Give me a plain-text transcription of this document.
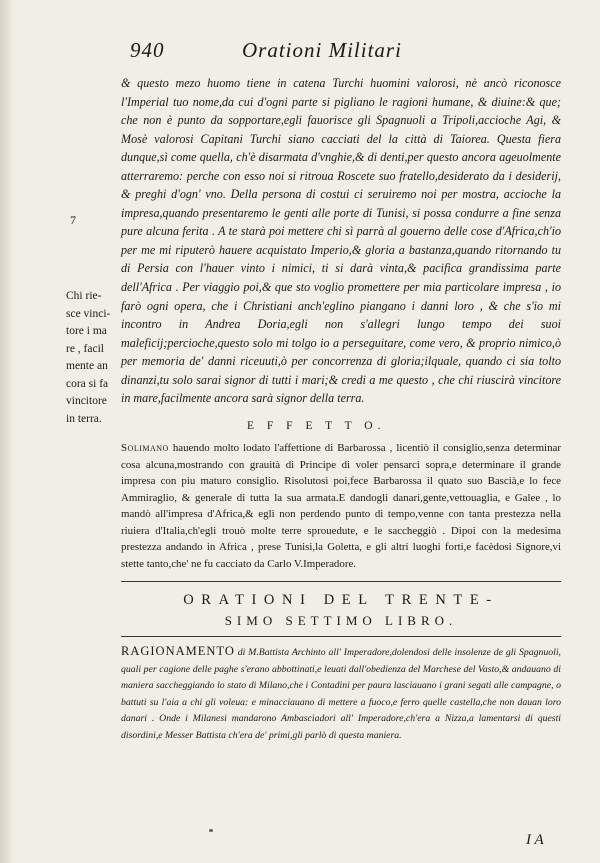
940	Orationi Militari

& questo mezo huomo tiene in catena Turchi huomini valorosi, nè ancò riconosce l'Imperial tuo nome,da cui d'ogni parte si pigliano le ragioni humane, & diuine:& que; che non è punto da sopportare,egli fauorisce gli Spagnuoli a Tripoli,accioche Agi, & Mosè valorosi Capitani Turchi siano cacciati del la città di Taiorea. Questa fiera dunque,sì come quella, ch'è disarmata d'vnghie,& di denti,per questo ancora ageuolmente atterraremo: perche con esso noi si ritroua Roscete suo fratello,desiderato da i desiderij, & preghi d'ogn' vno. Della persona di costui ci seruiremo noi per mostra, accioche la impresa,quando presentaremo le genti alle porte di Tunisi, si possa condurre a fine senza pure alcuna ferita . A te starà poi mettere chi sì parrà al gouerno delle cose d'Africa,ch'io per me mi riputerò hauere acquistato Imperio,& gloria a bastanza,quando ritornando tu di Persia con l'hauer vinto i nimici, ti si darà vinta,& pacifica grandissima parte dell'Africa . Per viaggio poi,& que sto voglio promettere per mia particolare impresa , io farò ogni opera, che i Christiani anch'eglino piangano i danni loro , & che s'io mi incontro in Andrea Doria,egli non s'allegri lungo tempo dei suoi maleficij;percioche,questo solo mi tolgo io a perseguitare, come vero, & proprio nimico,ò per memoria de' danni riceuuti,ò per concorrenza di gloria;ilquale, quando ci sia tolto dinanzi,tu solo sarai signor di tutti i mari;& credi a me questo , che chi riuscirà vincitore in mare,facilmente ancora sarà signor della terra.

7
Chi rie-
sce vinci-
tore i ma
re , facil
mente an
cora si fa
vincitore
in terra.
E F F E T T O.

Solimano hauendo molto lodato l'affettione di Barbarossa , licentiò il consiglio,senza determinar cosa alcuna,mostrando con grauità di Principe di voler pensarci sopra,e determinare il grande impresa con piu maturo consiglio. Risolutosi poi,fece Barbarossa il quato suo Bascià,e lo fece Ammiraglio, & generale di tutta la sua armata.E dandogli danari,gente,vettouaglia, e Galee , lo mandò all'impresa d'Africa,& egli non perdendo punto di tempo,venne con tanta prestezza nella riuiera d'Italia,ch'egli trouò molte terre sprouedute, e le saccheggiò . Dipoi con la medesima prestezza andando in Africa , prese Tunisi,la Goletta, e gli altri luoghi forti,e facèdosi Signore,vi stette tanto,che' ne fu cacciato da Carlo V.Imperadore.

ORATIONI DEL TRENTE-
SIMO SETTIMO LIBRO.

RAGIONAMENTO di M.Battista Archinto all' Imperadore,dolendosi delle insolenze de gli Spagnuoli, quali per cagione delle paghe s'erano abbottinati,e leuati dall'obedienza del Marchese del Vasto,& andauano di maniera saccheggiando lo stato di Milano,che i Contadini per paura lasciauano i grani segati alle campagne, o battuti su l'aia a chi gli voleua: e minacciauano di mettere a fuoco,e ferro quelle castella,che non dauan loro danari . Onde i Milanesi mandarono Ambasciadori all' Imperadore,ch'era a Nizza,a lamentarsi di questi disordini,e Messer Battista ch'era de' primi,gli parlò di questa maniera.

I A
